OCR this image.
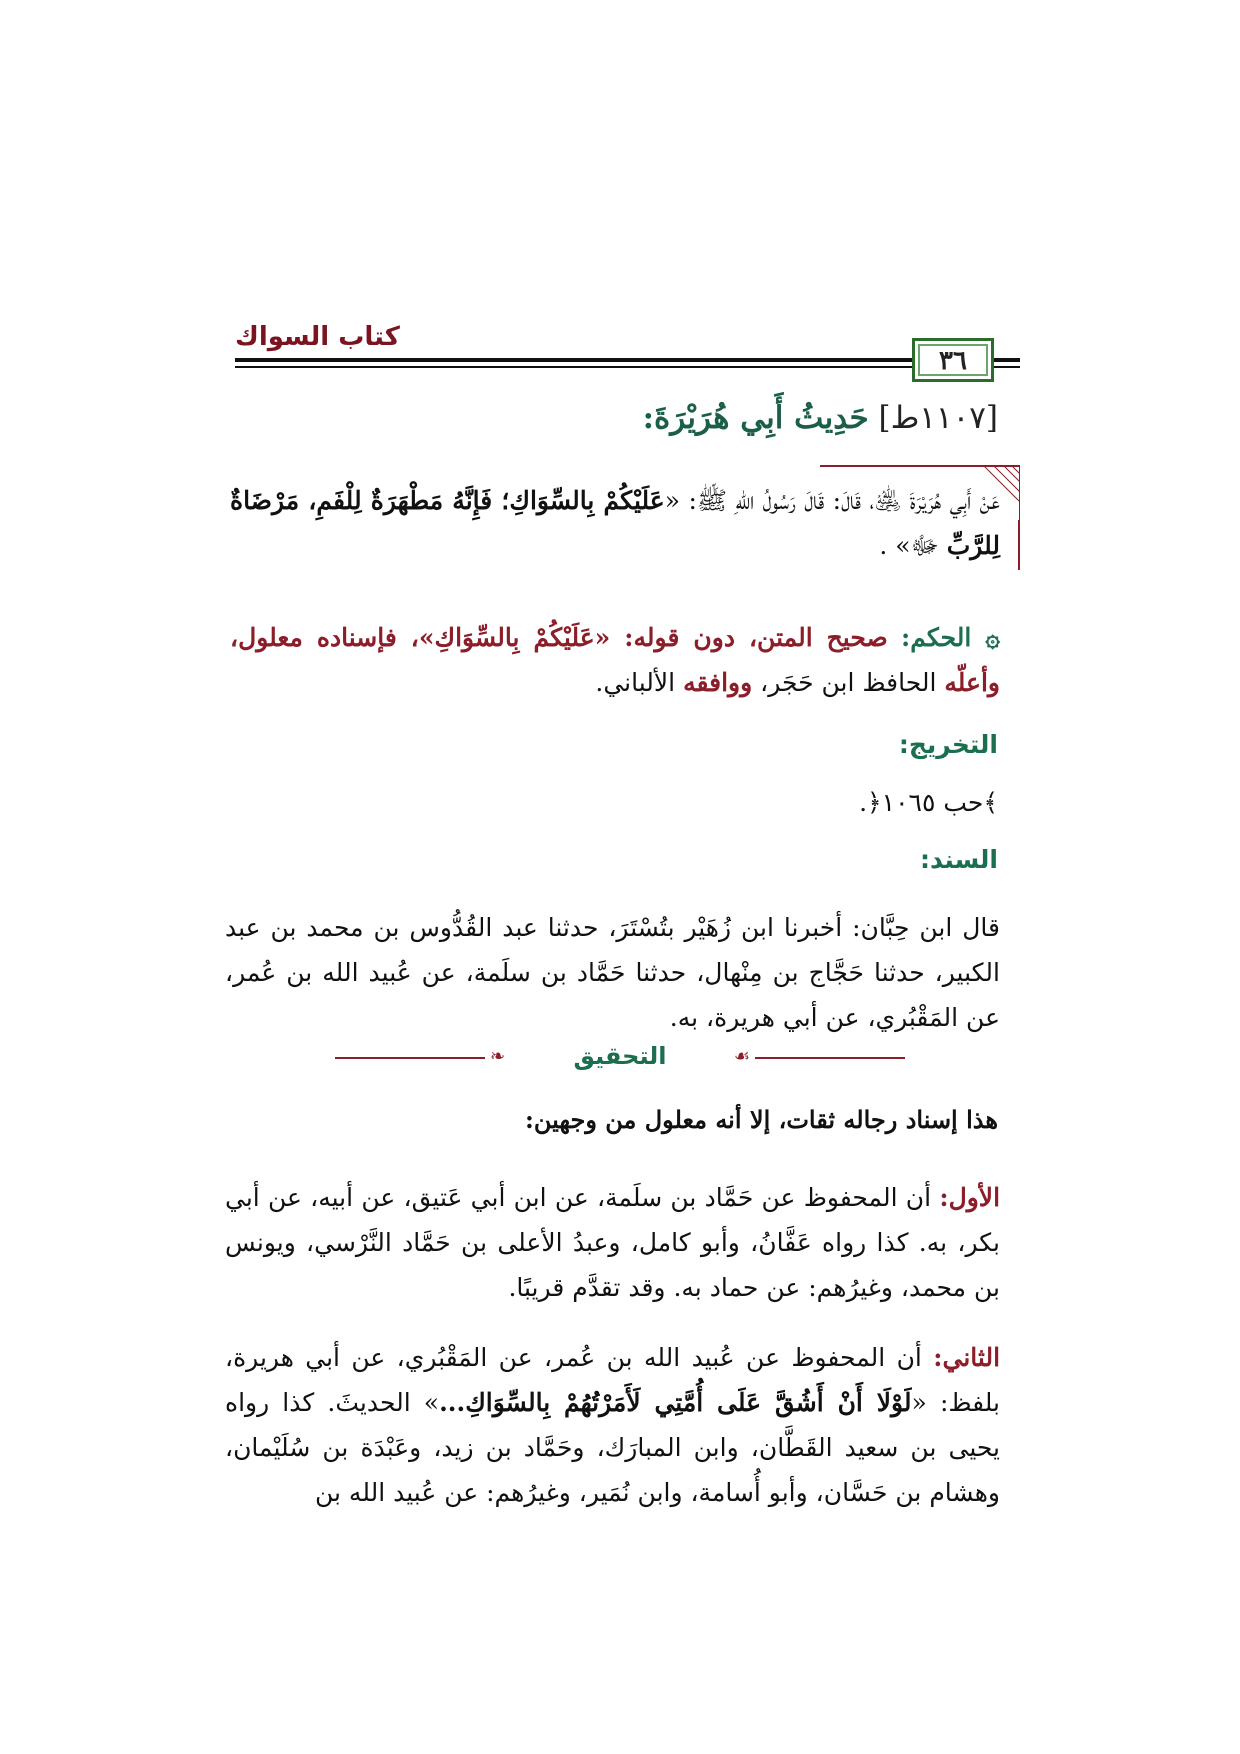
كتاب السواك
٣٦
[١١٠٧ط] حَدِيثُ أَبِي هُرَيْرَةَ:
عَنْ أَبِي هُرَيْرَةَ ﵁، قَالَ: قَالَ رَسُولُ اللهِ ﷺ: «عَلَيْكُمْ بِالسِّوَاكِ؛ فَإِنَّهُ مَطْهَرَةٌ لِلْفَمِ، مَرْضَاةٌ لِلرَّبِّ ﷻ» .
۞ الحكم: صحيح المتن، دون قوله: «عَلَيْكُمْ بِالسِّوَاكِ»، فإسناده معلول، وأعلّه الحافظ ابن حَجَر، ووافقه الألباني.
التخريج:
﴾حب ١٠٦٥﴿.
السند:
قال ابن حِبَّان: أخبرنا ابن زُهَيْر بتُسْتَرَ، حدثنا عبد القُدُّوس بن محمد بن عبد الكبير، حدثنا حَجَّاج بن مِنْهال، حدثنا حَمَّاد بن سلَمة، عن عُبيد الله بن عُمر، عن المَقْبُري، عن أبي هريرة، به.
❧	التحقيق	☙
هذا إسناد رجاله ثقات، إلا أنه معلول من وجهين:
الأول: أن المحفوظ عن حَمَّاد بن سلَمة، عن ابن أبي عَتيق، عن أبيه، عن أبي بكر، به. كذا رواه عَفَّانُ، وأبو كامل، وعبدُ الأعلى بن حَمَّاد النَّرْسي، ويونس بن محمد، وغيرُهم: عن حماد به. وقد تقدَّم قريبًا.
الثاني: أن المحفوظ عن عُبيد الله بن عُمر، عن المَقْبُري، عن أبي هريرة، بلفظ: «لَوْلَا أَنْ أَشُقَّ عَلَى أُمَّتِي لَأَمَرْتُهُمْ بِالسِّوَاكِ...» الحديثَ. كذا رواه يحيى بن سعيد القَطَّان، وابن المبارَك، وحَمَّاد بن زيد، وعَبْدَة بن سُلَيْمان، وهشام بن حَسَّان، وأبو أُسامة، وابن نُمَير، وغيرُهم: عن عُبيد الله بن
